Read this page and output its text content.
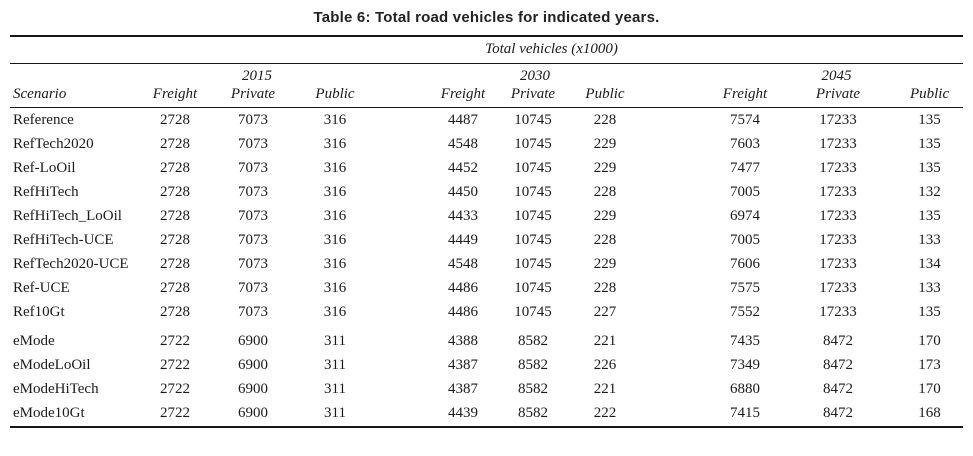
Table 6: Total road vehicles for indicated years.
	Total vehicles (x1000)										
	2015				2030				2045		
Scenario	Freight	Private	Public		Freight	Private	Public		Freight	Private	Public
Reference	2728	7073	316		4487	10745	228		7574	17233	135
RefTech2020	2728	7073	316		4548	10745	229		7603	17233	135
Ref-LoOil	2728	7073	316		4452	10745	229		7477	17233	135
RefHiTech	2728	7073	316		4450	10745	228		7005	17233	132
RefHiTech_LoOil	2728	7073	316		4433	10745	229		6974	17233	135
RefHiTech-UCE	2728	7073	316		4449	10745	228		7005	17233	133
RefTech2020-UCE	2728	7073	316		4548	10745	229		7606	17233	134
Ref-UCE	2728	7073	316		4486	10745	228		7575	17233	133
Ref10Gt	2728	7073	316		4486	10745	227		7552	17233	135
eMode	2722	6900	311		4388	8582	221		7435	8472	170
eModeLoOil	2722	6900	311		4387	8582	226		7349	8472	173
eModeHiTech	2722	6900	311		4387	8582	221		6880	8472	170
eMode10Gt	2722	6900	311		4439	8582	222		7415	8472	168
